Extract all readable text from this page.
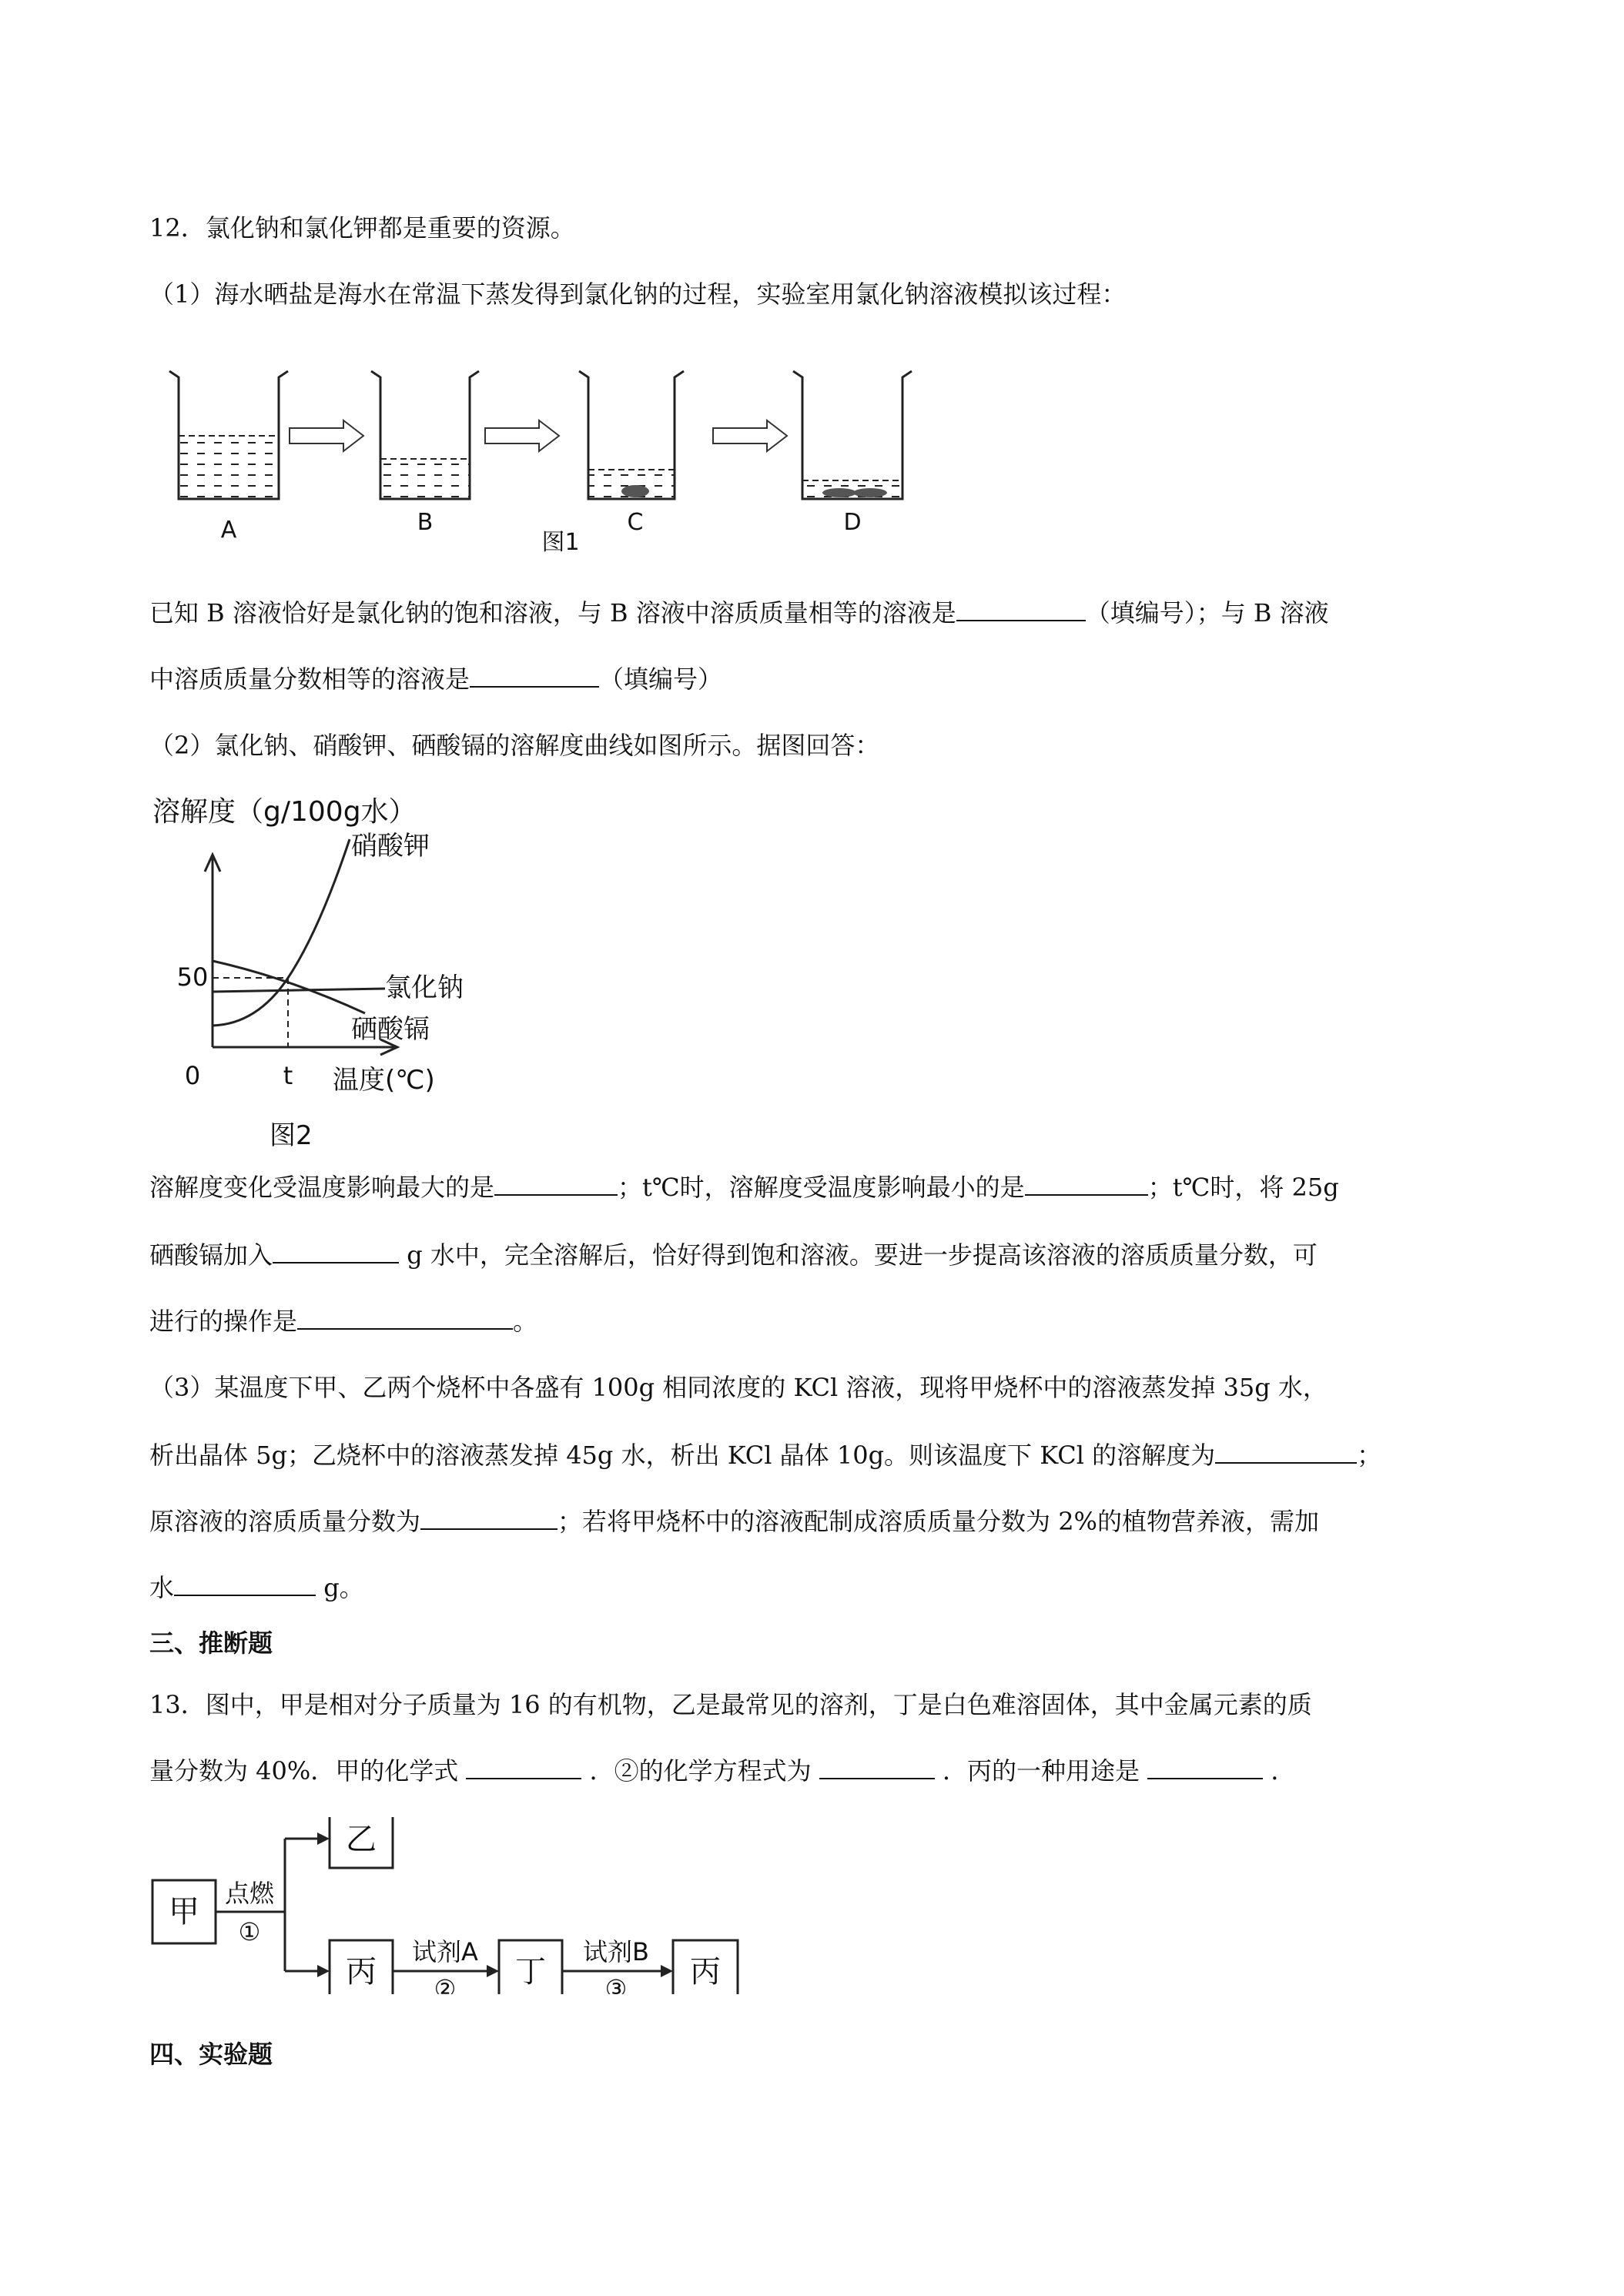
12．氯化钠和氯化钾都是重要的资源。
（1）海水晒盐是海水在常温下蒸发得到氯化钠的过程，实验室用氯化钠溶液模拟该过程：
A	B	C	D
图1
已知 B 溶液恰好是氯化钠的饱和溶液，与 B 溶液中溶质质量相等的溶液是	（填编号）；与 B 溶液
中溶质质量分数相等的溶液是	（填编号）
（2）氯化钠、硝酸钾、硒酸镉的溶解度曲线如图所示。据图回答：
溶解度（g/100g水）
0
50
t
硝酸钾
氯化钠
硒酸镉
温度(℃)
图2
溶解度变化受温度影响最大的是	；t℃时，溶解度受温度影响最小的是	；t℃时，将 25g
硒酸镉加入	g 水中，完全溶解后，恰好得到饱和溶液。要进一步提高该溶液的溶质质量分数，可
进行的操作是	。
（3）某温度下甲、乙两个烧杯中各盛有 100g 相同浓度的 KCl 溶液，现将甲烧杯中的溶液蒸发掉 35g 水，
析出晶体 5g；乙烧杯中的溶液蒸发掉 45g 水，析出 KCl 晶体 10g。则该温度下 KCl 的溶解度为	；
原溶液的溶质质量分数为	；若将甲烧杯中的溶液配制成溶质质量分数为 2%的植物营养液，需加
水	g。
三、推断题
13．图中，甲是相对分子质量为 16 的有机物，乙是最常见的溶剂，丁是白色难溶固体，其中金属元素的质
量分数为 40%．甲的化学式	．②的化学方程式为	．丙的一种用途是	．
甲
点燃
①
乙
丙
试剂A
② 丁
试剂B
③ 丙
四、实验题
